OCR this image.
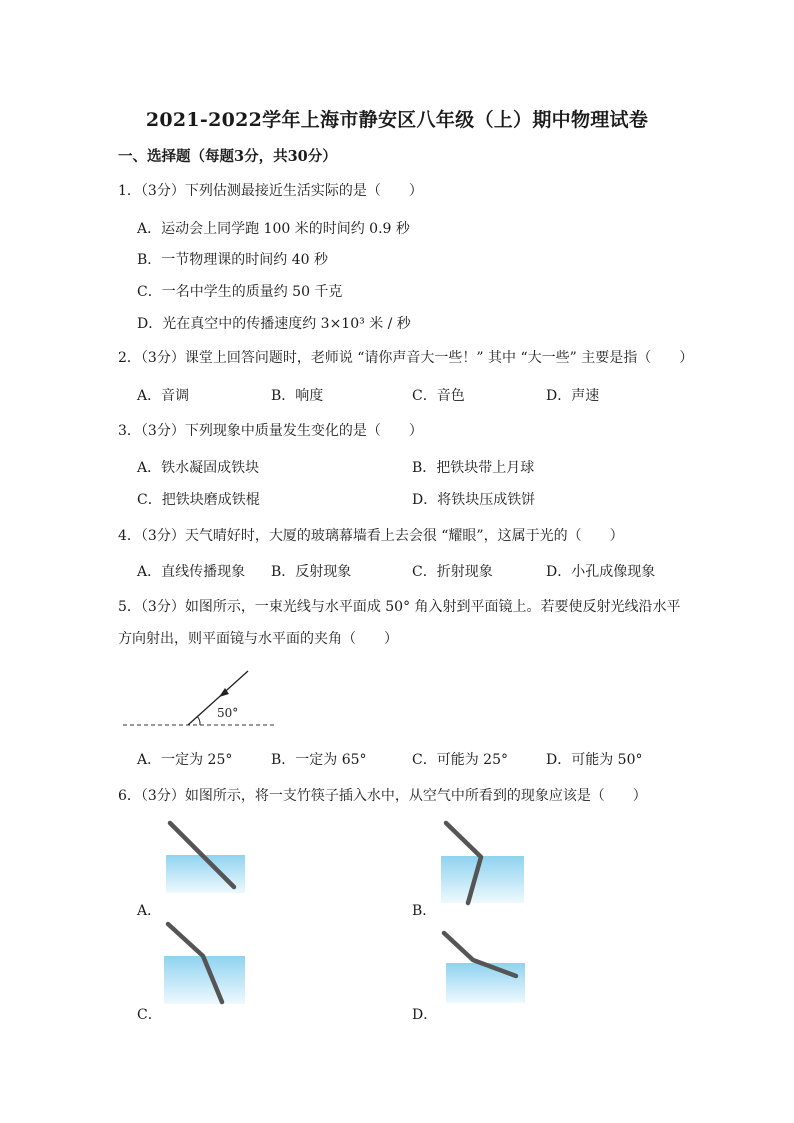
2021-2022学年上海市静安区八年级（上）期中物理试卷
一、选择题（每题3分，共30分）
1．（3分）下列估测最接近生活实际的是（　　）
A．运动会上同学跑 100 米的时间约 0.9 秒
B．一节物理课的时间约 40 秒
C．一名中学生的质量约 50 千克
D．光在真空中的传播速度约 3×10³ 米 / 秒
2．（3分）课堂上回答问题时，老师说 “请你声音大一些！” 其中 “大一些” 主要是指（　　）
A．音调	B．响度	C．音色	D．声速
3．（3分）下列现象中质量发生变化的是（　　）
A．铁水凝固成铁块	B．把铁块带上月球
C．把铁块磨成铁棍	D．将铁块压成铁饼
4．（3分）天气晴好时，大厦的玻璃幕墙看上去会很 “耀眼”，这属于光的（　　）
A．直线传播现象 B．反射现象	C．折射现象	D．小孔成像现象
5．（3分）如图所示，一束光线与水平面成 50° 角入射到平面镜上。若要使反射光线沿水平
方向射出，则平面镜与水平面的夹角（　　）
50°
A．一定为 25°	B．一定为 65°	C．可能为 25°	D．可能为 50°
6．（3分）如图所示，将一支竹筷子插入水中，从空气中所看到的现象应该是（　　）
A．	B．
C．	D．
